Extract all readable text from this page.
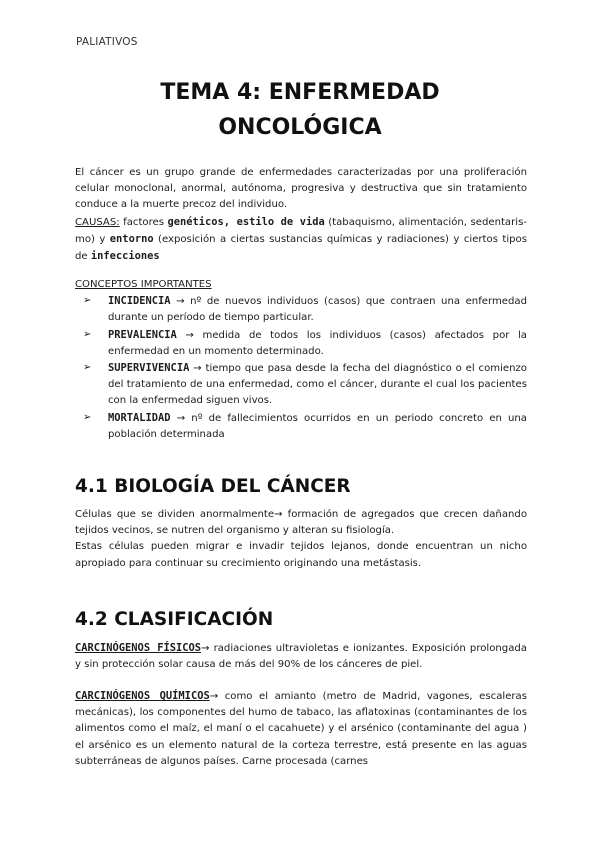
PALIATIVOS
TEMA 4: ENFERMEDAD
ONCOLÓGICA

El cáncer es un grupo grande de enfermedades caracterizadas por una proliferación celular monoclonal, anormal, autónoma, progresiva y destructiva que sin tratamiento conduce a la muerte precoz del individuo.

CAUSAS: factores genéticos, estilo de vida (tabaquismo, alimentación, sedentaris-mo) y entorno (exposición a ciertas sustancias químicas y radiaciones) y ciertos tipos de infecciones

CONCEPTOS IMPORTANTES

➢ INCIDENCIA → nº de nuevos individuos (casos) que contraen una enfermedad durante un período de tiempo particular.
➢ PREVALENCIA → medida de todos los individuos (casos) afectados por la enfermedad en un momento determinado.
➢ SUPERVIVENCIA → tiempo que pasa desde la fecha del diagnóstico o el comienzo del tratamiento de una enfermedad, como el cáncer, durante el cual los pacientes con la enfermedad siguen vivos.
➢ MORTALIDAD → nº de fallecimientos ocurridos en un periodo concreto en una población determinada
4.1 BIOLOGÍA DEL CÁNCER

Células que se dividen anormalmente→ formación de agregados que crecen dañando tejidos vecinos, se nutren del organismo y alteran su fisiología.

Estas células pueden migrar e invadir tejidos lejanos, donde encuentran un nicho apropiado para continuar su crecimiento originando una metástasis.

4.2 CLASIFICACIÓN

CARCINÓGENOS FÍSICOS→ radiaciones ultravioletas e ionizantes. Exposición prolongada y sin protección solar causa de más del 90% de los cánceres de piel.

CARCINÓGENOS QUÍMICOS→ como el amianto (metro de Madrid, vagones, escaleras mecánicas), los componentes del humo de tabaco, las aflatoxinas (contaminantes de los alimentos como el maíz, el maní o el cacahuete) y el arsénico (contaminante del agua ) el arsénico es un elemento natural de la corteza terrestre, está presente en las aguas subterráneas de algunos países. Carne procesada (carnes
